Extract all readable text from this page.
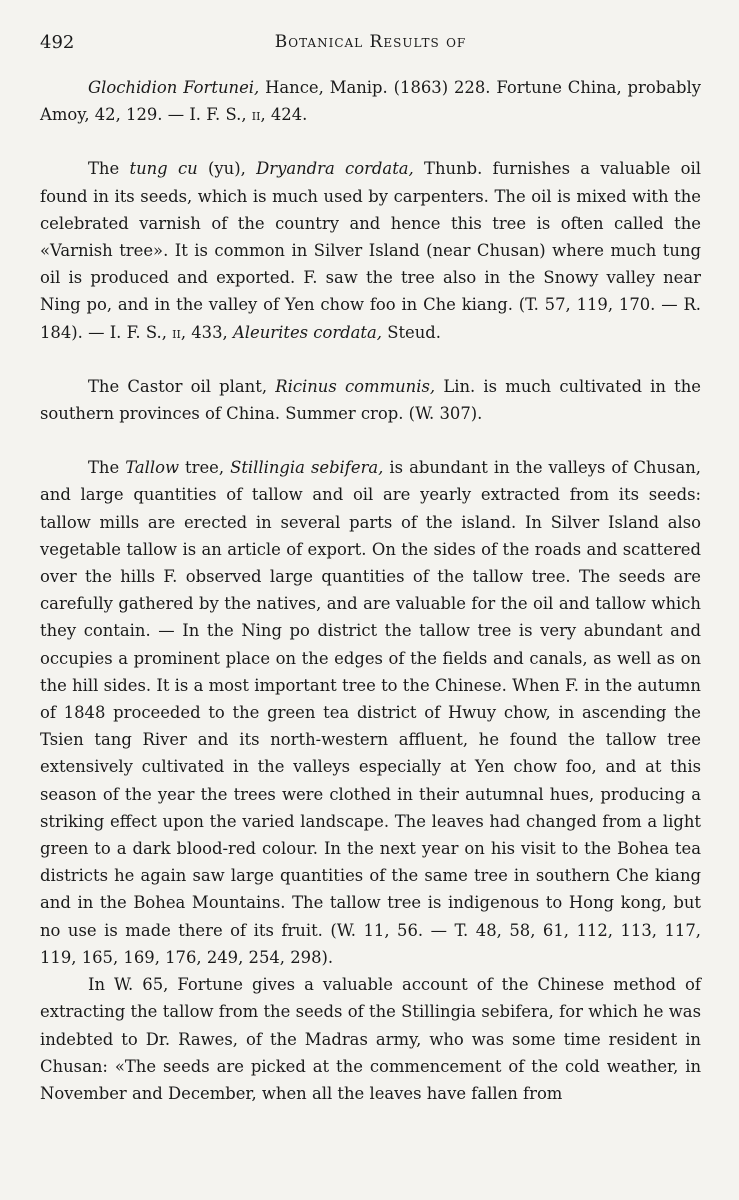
492	Botanical Results of

Glochidion Fortunei, Hance, Manip. (1863) 228. Fortune China, probably Amoy, 42, 129. — I. F. S., ii, 424.

The tung cu (yu), Dryandra cordata, Thunb. furnishes a valuable oil found in its seeds, which is much used by carpenters. The oil is mixed with the celebrated varnish of the country and hence this tree is often called the «Varnish tree». It is common in Silver Island (near Chusan) where much tung oil is produced and exported. F. saw the tree also in the Snowy valley near Ning po, and in the valley of Yen chow foo in Che kiang. (T. 57, 119, 170. — R. 184). — I. F. S., ii, 433, Aleurites cordata, Steud.

The Castor oil plant, Ricinus communis, Lin. is much cultivated in the southern provinces of China. Summer crop. (W. 307).

The Tallow tree, Stillingia sebifera, is abundant in the valleys of Chusan, and large quantities of tallow and oil are yearly extracted from its seeds: tallow mills are erected in several parts of the island. In Silver Island also vegetable tallow is an article of export. On the sides of the roads and scattered over the hills F. observed large quantities of the tallow tree. The seeds are carefully gathered by the natives, and are valuable for the oil and tallow which they contain. — In the Ning po district the tallow tree is very abundant and occupies a prominent place on the edges of the fields and canals, as well as on the hill sides. It is a most important tree to the Chinese. When F. in the autumn of 1848 proceeded to the green tea district of Hwuy chow, in ascending the Tsien tang River and its north-western affluent, he found the tallow tree extensively cultivated in the valleys especially at Yen chow foo, and at this season of the year the trees were clothed in their autumnal hues, producing a striking effect upon the varied landscape. The leaves had changed from a light green to a dark blood-red colour. In the next year on his visit to the Bohea tea districts he again saw large quantities of the same tree in southern Che kiang and in the Bohea Mountains. The tallow tree is indigenous to Hong kong, but no use is made there of its fruit. (W. 11, 56. — T. 48, 58, 61, 112, 113, 117, 119, 165, 169, 176, 249, 254, 298).

In W. 65, Fortune gives a valuable account of the Chinese method of extracting the tallow from the seeds of the Stillingia sebifera, for which he was indebted to Dr. Rawes, of the Madras army, who was some time resident in Chusan: «The seeds are picked at the commencement of the cold weather, in November and December, when all the leaves have fallen from
